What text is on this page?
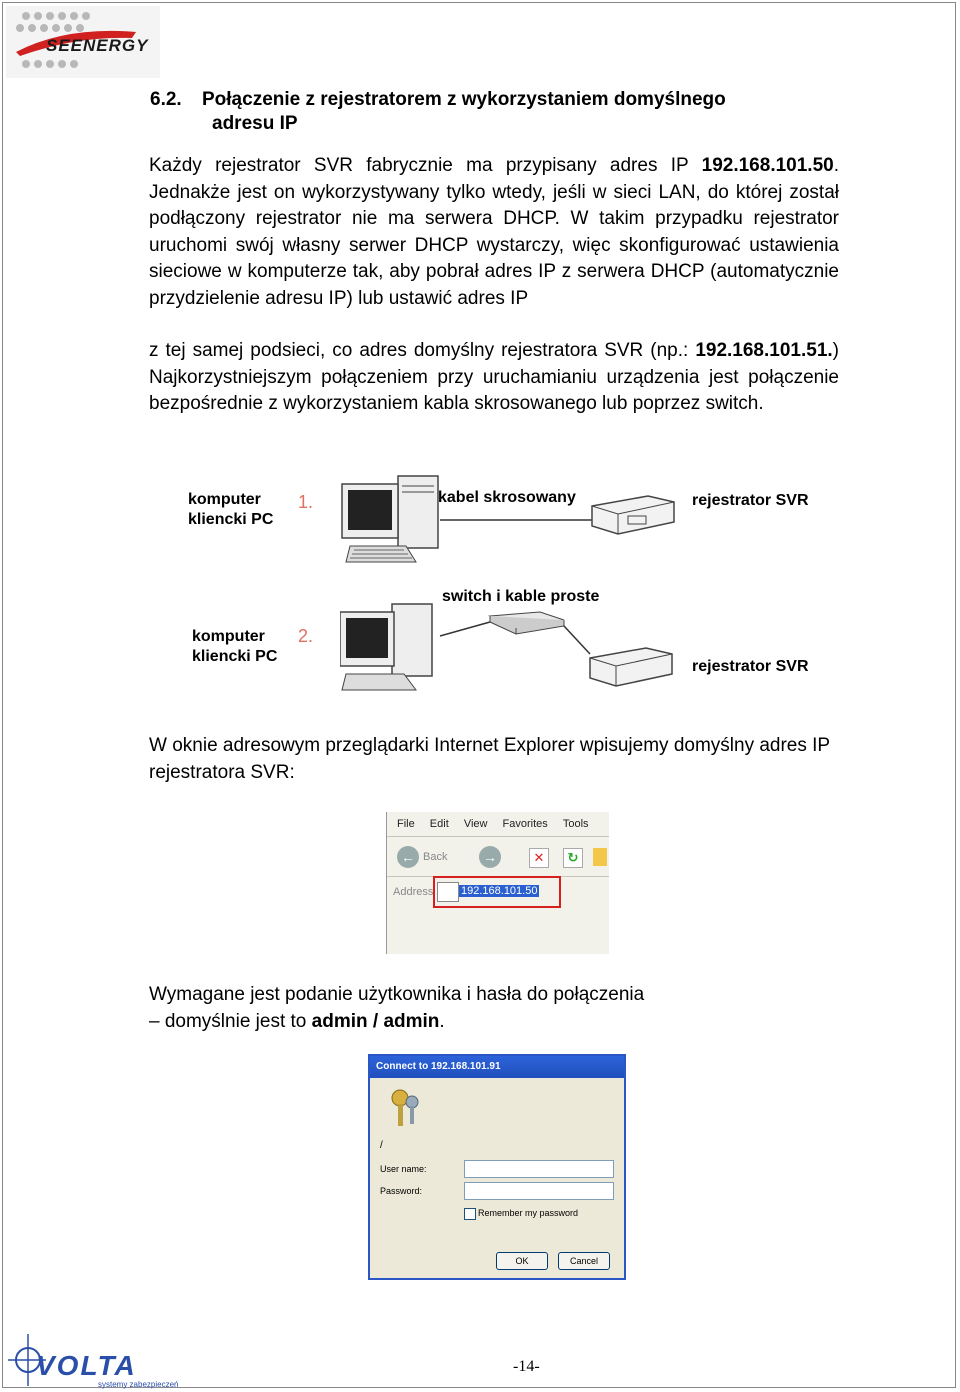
SEENERGY
6.2. Połączenie z rejestratorem z wykorzystaniem domyślnego
adresu IP
Każdy rejestrator SVR fabrycznie ma przypisany adres IP 192.168.101.50. Jednakże jest on wykorzystywany tylko wtedy, jeśli w sieci LAN, do której został podłączony rejestrator nie ma serwera DHCP. W takim przypadku rejestrator uruchomi swój własny serwer DHCP wystarczy, więc skonfigurować ustawienia sieciowe w komputerze tak, aby pobrał adres IP z serwera DHCP (automatycznie przydzielenie adresu IP) lub ustawić adres IP
z tej samej podsieci, co adres domyślny rejestratora SVR (np.: 192.168.101.51.) Najkorzystniejszym połączeniem przy uruchamianiu urządzenia jest połączenie bezpośrednie z wykorzystaniem kabla skrosowanego lub poprzez switch.
komputer
kliencki PC
1.	kabel skrosowany	rejestrator SVR
switch i kable proste
komputer
kliencki PC
2.
rejestrator SVR
W oknie adresowym przeglądarki Internet Explorer wpisujemy domyślny adres IP rejestratora SVR:
File Edit View Favorites Tools
← Back	→	✕	↻
Address	192.168.101.50
Wymagane jest podanie użytkownika i hasła do połączenia
– domyślnie jest to admin / admin.
Connect to 192.168.101.91
/
User name:
Password:
Remember my password
OK	Cancel
VOLTA
systemy zabezpieczeń
-14-
